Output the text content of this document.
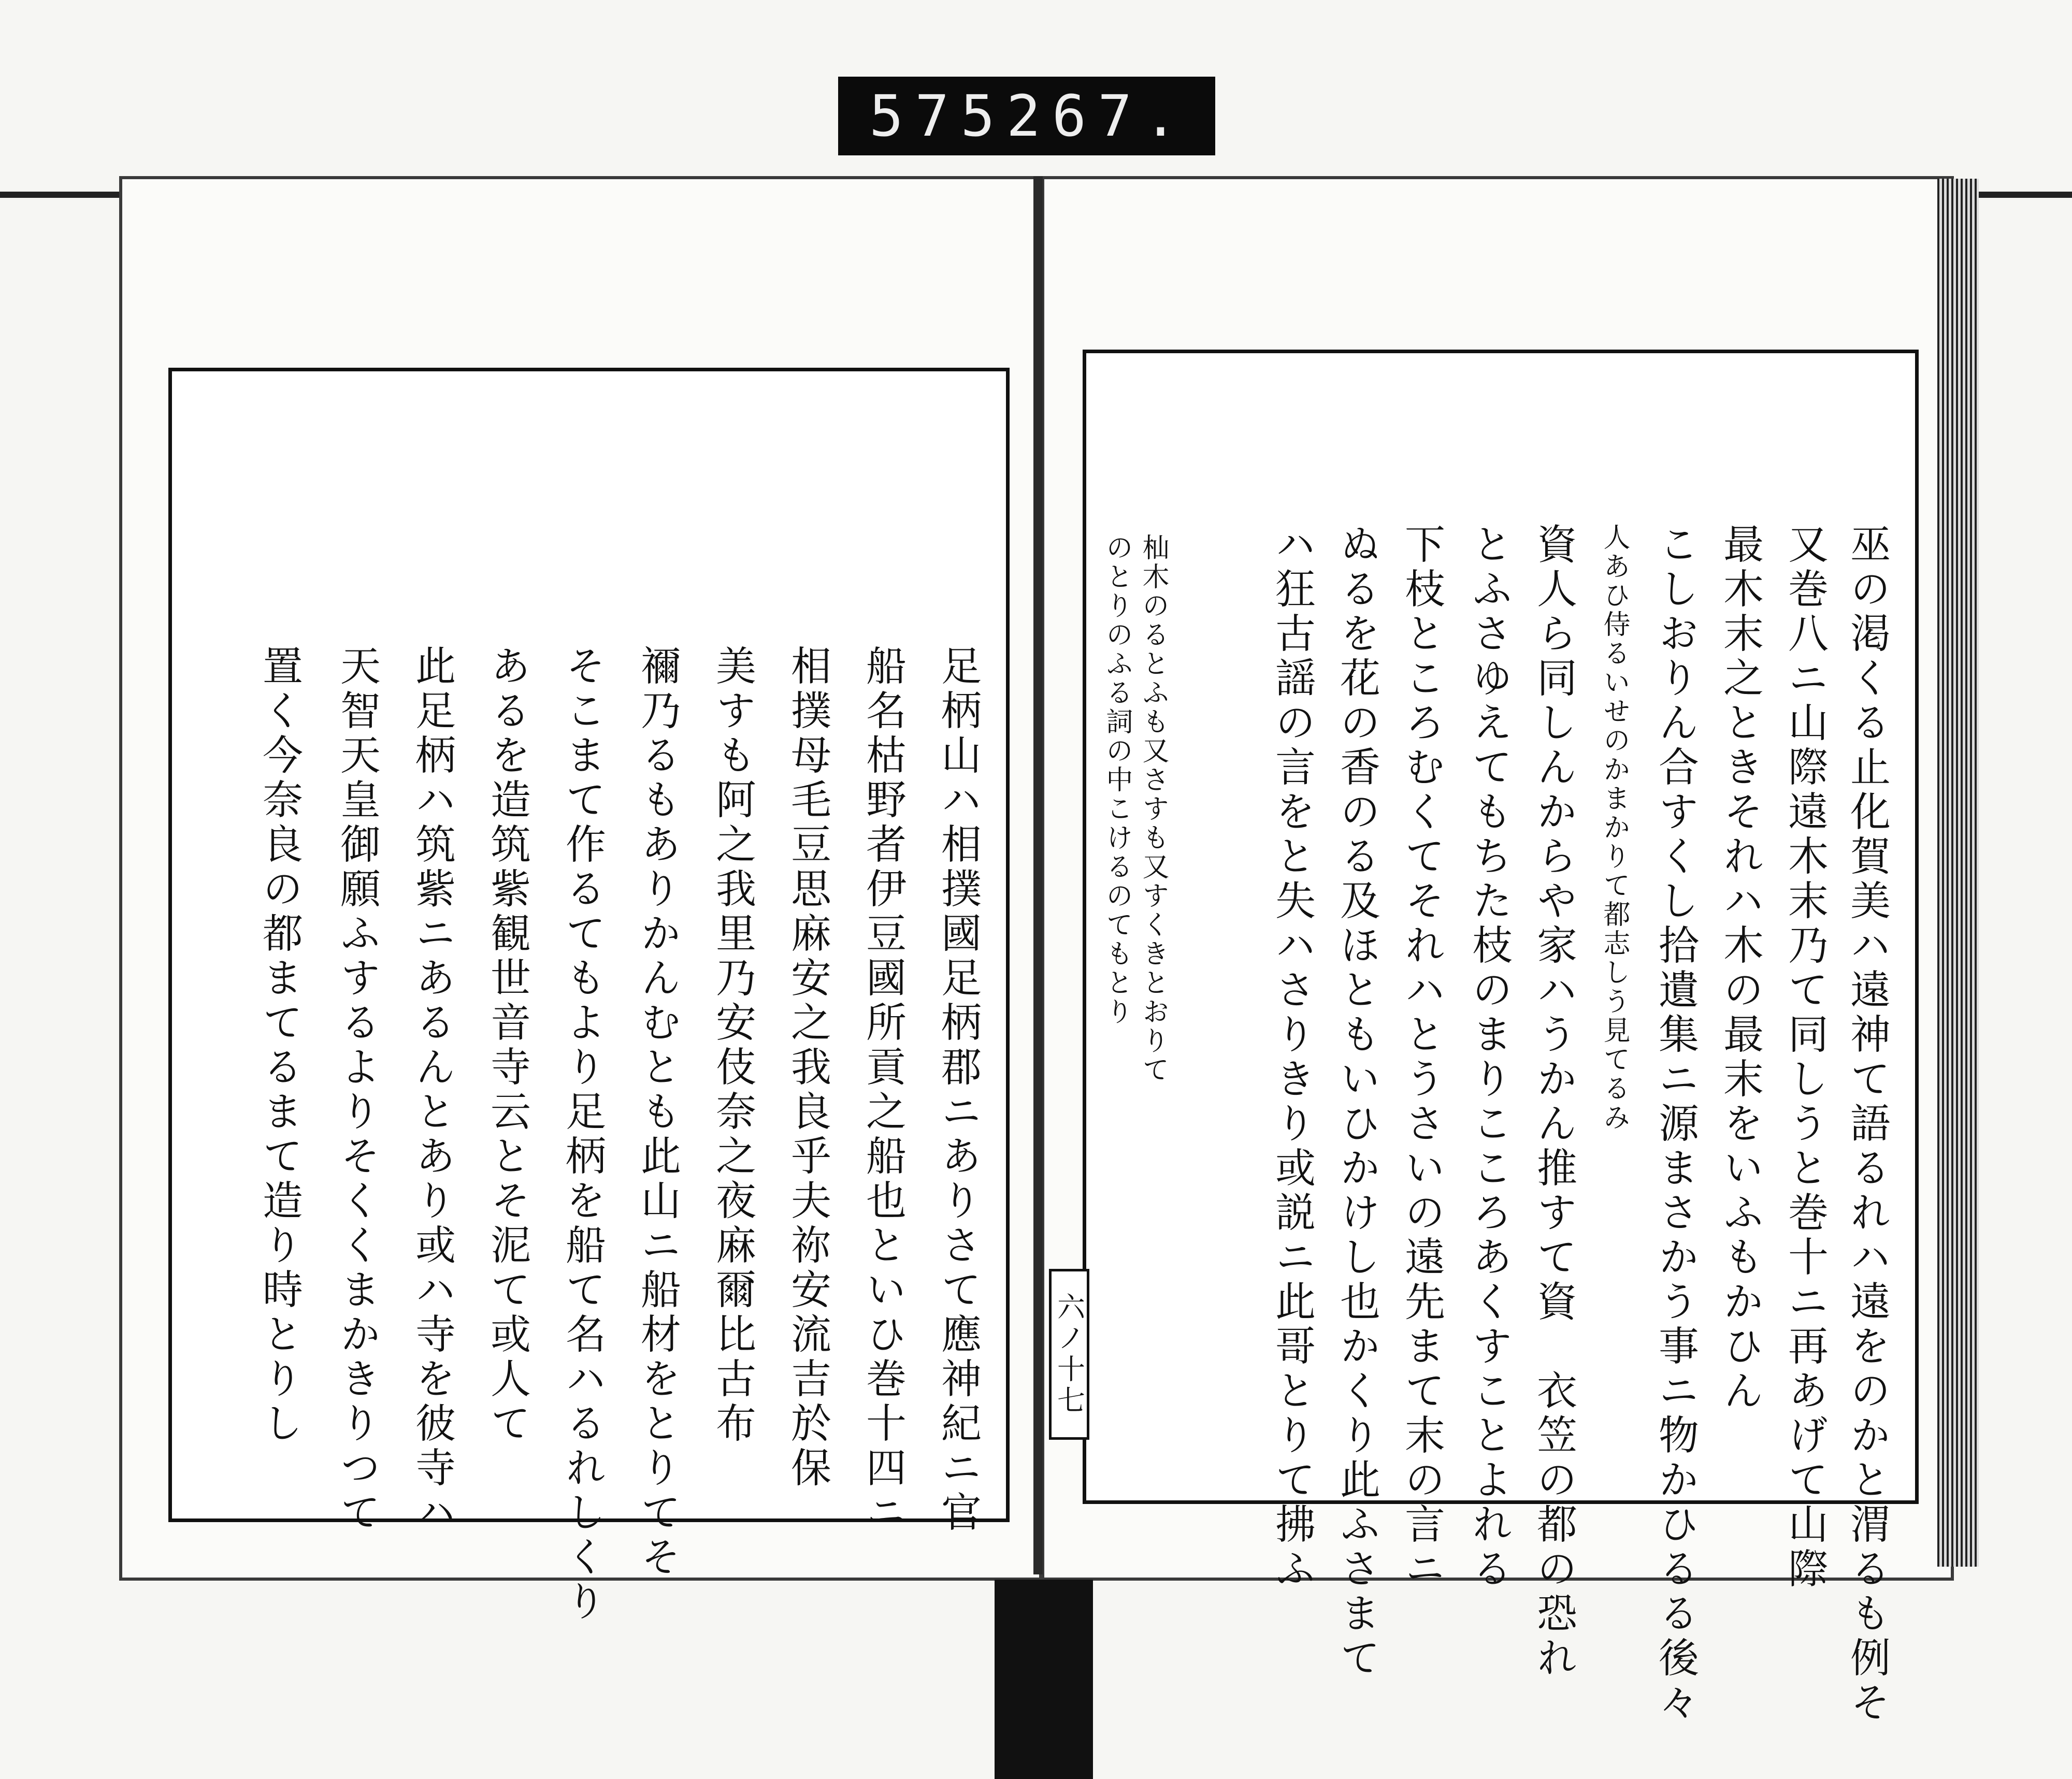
575 267.
巫の渇くる止化賀美ハ遠神て語るれハ遠をのかと渭るも例そ
又巻八ニ山際遠木末乃て同しうと巻十ニ再あげて山際
最木末之ときそれハ木の最末をいふもかひん
こしおりん合すくし拾遺集ニ源まさかう事ニ物かひるる後々
人あひ侍るいせのかまかりて都志しう見てるみ
資人ら同しんからや家ハうかん推すて資　衣笠の都の恐れ
とふさゆえてもちた枝のまりこころあくすことよれる
下枝ところむくてそれハとうさいの遠先まて末の言ニ
ぬるを花の香のる及ほともいひかけし也かくり此ふさまて
ハ狂古謡の言をと失ハさりきり或説ニ此哥とりて拂ふ
杣木のるとふも又さすも又すくきとおりて
のとりのふる詞の中こけるのてもとり
六ノ十七
足柄山ハ相撲國足柄郡ニありさて應神紀ニ官
船名枯野者伊豆國所貢之船也といひ巻十四ニ
相撲母毛豆思麻安之我良乎夫祢安流吉於保
美すも阿之我里乃安伎奈之夜麻爾比古布
禰乃るもありかんむとも此山ニ船材をとりてそ
そこまて作るてもより足柄を船て名ハるれしくり
あるを造筑紫観世音寺云とそ泥て或人て
此足柄ハ筑紫ニあるんとあり或ハ寺を彼寺ハ
天智天皇御願ふするよりそくくまかきりつて
置く今奈良の都まてるまて造り時とりし
